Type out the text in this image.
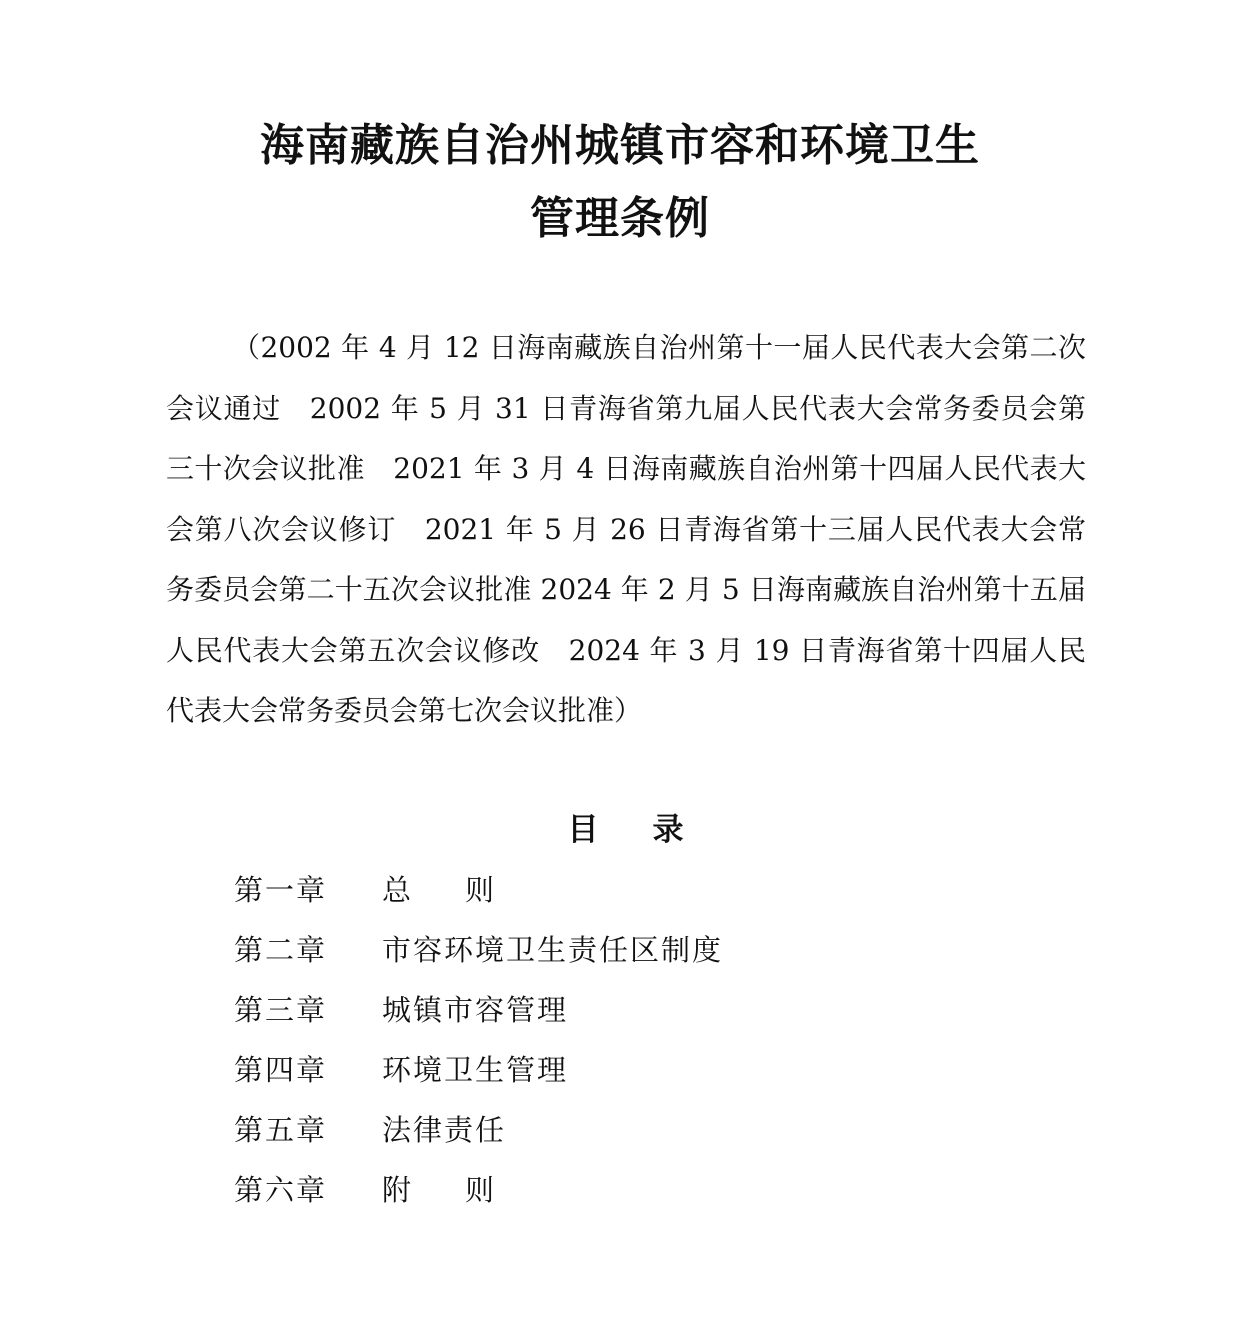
海南藏族自治州城镇市容和环境卫生
管理条例
（2002 年 4 月 12 日海南藏族自治州第十一届人民代表大会第二次会议通过　2002 年 5 月 31 日青海省第九届人民代表大会常务委员会第三十次会议批准　2021 年 3 月 4 日海南藏族自治州第十四届人民代表大会第八次会议修订　2021 年 5 月 26 日青海省第十三届人民代表大会常务委员会第二十五次会议批准 2024 年 2 月 5 日海南藏族自治州第十五届人民代表大会第五次会议修改　2024 年 3 月 19 日青海省第十四届人民代表大会常务委员会第七次会议批准）
目 录
第一章 总则
第二章 市容环境卫生责任区制度
第三章 城镇市容管理
第四章 环境卫生管理
第五章 法律责任
第六章 附则
